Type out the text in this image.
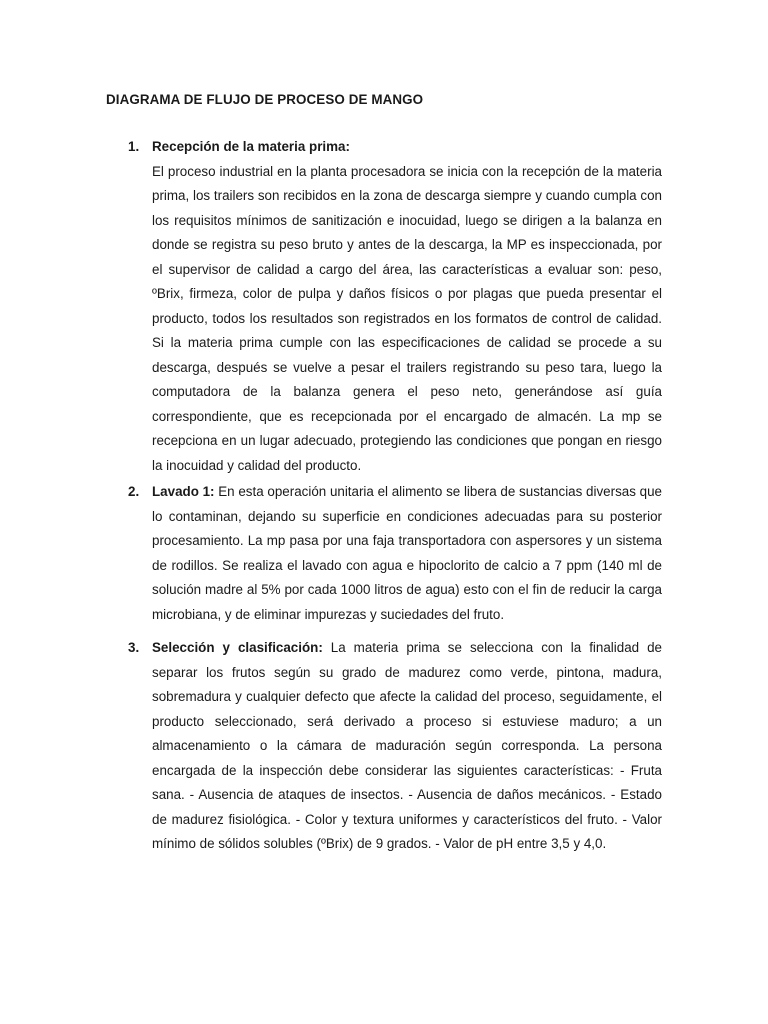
DIAGRAMA DE FLUJO DE PROCESO DE MANGO
1. Recepción de la materia prima:
El proceso industrial en la planta procesadora se inicia con la recepción de la materia prima, los trailers son recibidos en la zona de descarga siempre y cuando cumpla con los requisitos mínimos de sanitización e inocuidad, luego se dirigen a la balanza en donde se registra su peso bruto y antes de la descarga, la MP es inspeccionada, por el supervisor de calidad a cargo del área, las características a evaluar son: peso, ºBrix, firmeza, color de pulpa y daños físicos o por plagas que pueda presentar el producto, todos los resultados son registrados en los formatos de control de calidad. Si la materia prima cumple con las especificaciones de calidad se procede a su descarga, después se vuelve a pesar el trailers registrando su peso tara, luego la computadora de la balanza genera el peso neto, generándose así guía correspondiente, que es recepcionada por el encargado de almacén. La mp se recepciona en un lugar adecuado, protegiendo las condiciones que pongan en riesgo la inocuidad y calidad del producto.
2. Lavado 1: En esta operación unitaria el alimento se libera de sustancias diversas que lo contaminan, dejando su superficie en condiciones adecuadas para su posterior procesamiento. La mp pasa por una faja transportadora con aspersores y un sistema de rodillos. Se realiza el lavado con agua e hipoclorito de calcio a 7 ppm (140 ml de solución madre al 5% por cada 1000 litros de agua) esto con el fin de reducir la carga microbiana, y de eliminar impurezas y suciedades del fruto.

3. Selección y clasificación: La materia prima se selecciona con la finalidad de separar los frutos según su grado de madurez como verde, pintona, madura, sobremadura y cualquier defecto que afecte la calidad del proceso, seguidamente, el producto seleccionado, será derivado a proceso si estuviese maduro; a un almacenamiento o la cámara de maduración según corresponda. La persona encargada de la inspección debe considerar las siguientes características: - Fruta sana. - Ausencia de ataques de insectos. - Ausencia de daños mecánicos. - Estado de madurez fisiológica. - Color y textura uniformes y característicos del fruto. - Valor mínimo de sólidos solubles (ºBrix) de 9 grados. - Valor de pH entre 3,5 y 4,0.
